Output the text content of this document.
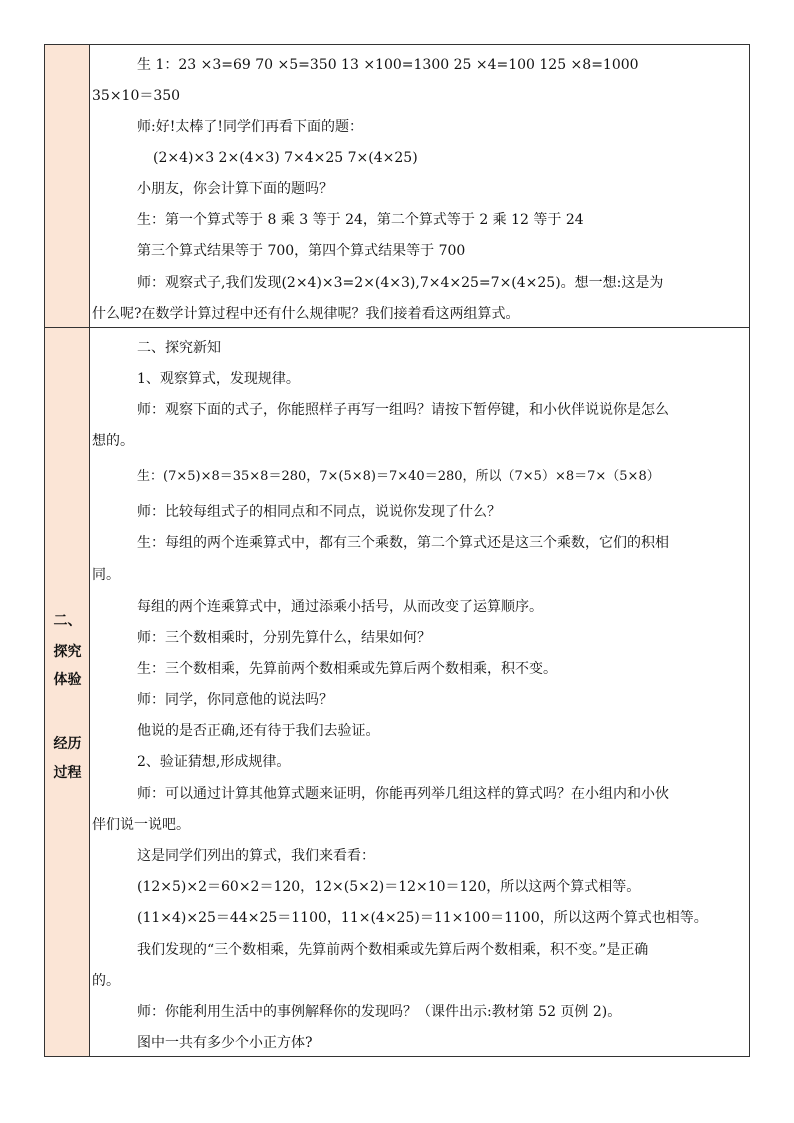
二、
探究
体验
经历
过程
生 1：23 ×3=69 70 ×5=350 13 ×100=1300 25 ×4=100 125 ×8=1000
35×10＝350
师:好!太棒了!同学们再看下面的题：
(2×4)×3 2×(4×3) 7×4×25 7×(4×25)
小朋友，你会计算下面的题吗？
生：第一个算式等于 8 乘 3 等于 24，第二个算式等于 2 乘 12 等于 24
第三个算式结果等于 700，第四个算式结果等于 700
师：观察式子,我们发现(2×4)×3=2×(4×3),7×4×25=7×(4×25)。想一想:这是为
什么呢?在数学计算过程中还有什么规律呢？我们接着看这两组算式。
二、探究新知
1、观察算式，发现规律。
师：观察下面的式子，你能照样子再写一组吗？请按下暂停键，和小伙伴说说你是怎么
想的。
生：(7×5)×8＝35×8＝280，7×(5×8)＝7×40＝280，所以（7×5）×8＝7×（5×8）
师：比较每组式子的相同点和不同点，说说你发现了什么？
生：每组的两个连乘算式中，都有三个乘数，第二个算式还是这三个乘数，它们的积相
同。
每组的两个连乘算式中，通过添乘小括号，从而改变了运算顺序。
师：三个数相乘时，分别先算什么，结果如何？
生：三个数相乘，先算前两个数相乘或先算后两个数相乘，积不变。
师：同学，你同意他的说法吗？
他说的是否正确,还有待于我们去验证。
2、验证猜想,形成规律。
师：可以通过计算其他算式题来证明，你能再列举几组这样的算式吗？在小组内和小伙
伴们说一说吧。
这是同学们列出的算式，我们来看看：
(12×5)×2＝60×2＝120，12×(5×2)＝12×10＝120，所以这两个算式相等。
(11×4)×25＝44×25＝1100，11×(4×25)＝11×100＝1100，所以这两个算式也相等。
我们发现的“三个数相乘，先算前两个数相乘或先算后两个数相乘，积不变。”是正确
的。
师：你能利用生活中的事例解释你的发现吗？（课件出示:教材第 52 页例 2)。
图中一共有多少个小正方体?
